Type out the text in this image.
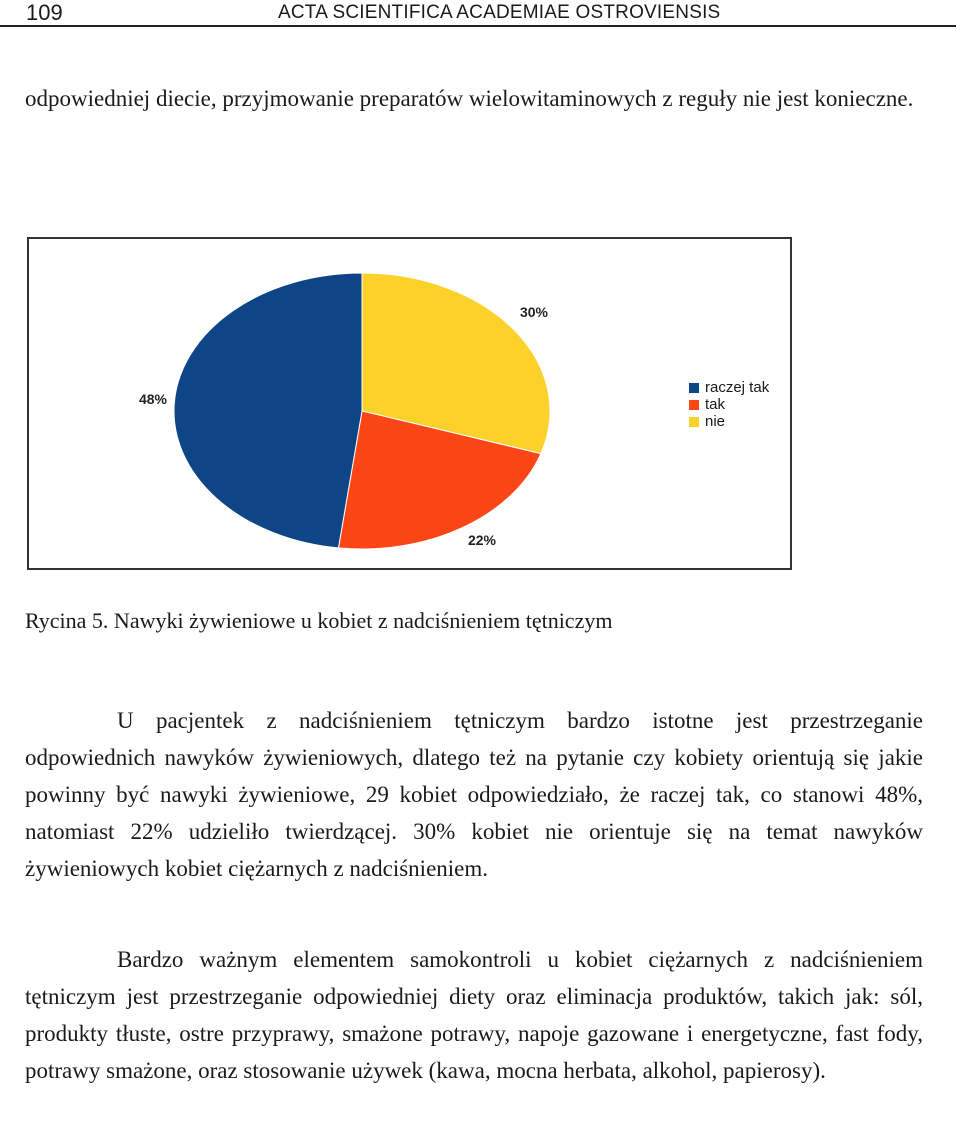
109	ACTA SCIENTIFICA ACADEMIAE OSTROVIENSIS

odpowiedniej diecie, przyjmowanie preparatów wielowitaminowych z reguły nie jest konieczne.

30%
22%
48%
raczej tak
tak
nie
Rycina 5. Nawyki żywieniowe u kobiet z nadciśnieniem tętniczym

U pacjentek z nadciśnieniem tętniczym bardzo istotne jest przestrzeganie odpowiednich nawyków żywieniowych, dlatego też na pytanie czy kobiety orientują się jakie powinny być nawyki żywieniowe, 29 kobiet odpowiedziało, że raczej tak, co stanowi 48%, natomiast 22% udzieliło twierdzącej. 30% kobiet nie orientuje się na temat nawyków żywieniowych kobiet ciężarnych z nadciśnieniem.

Bardzo ważnym elementem samokontroli u kobiet ciężarnych z nadciśnieniem tętniczym jest przestrzeganie odpowiedniej diety oraz eliminacja produktów, takich jak: sól, produkty tłuste, ostre przyprawy, smażone potrawy, napoje gazowane i energetyczne, fast fody, potrawy smażone, oraz stosowanie używek (kawa, mocna herbata, alkohol, papierosy).
